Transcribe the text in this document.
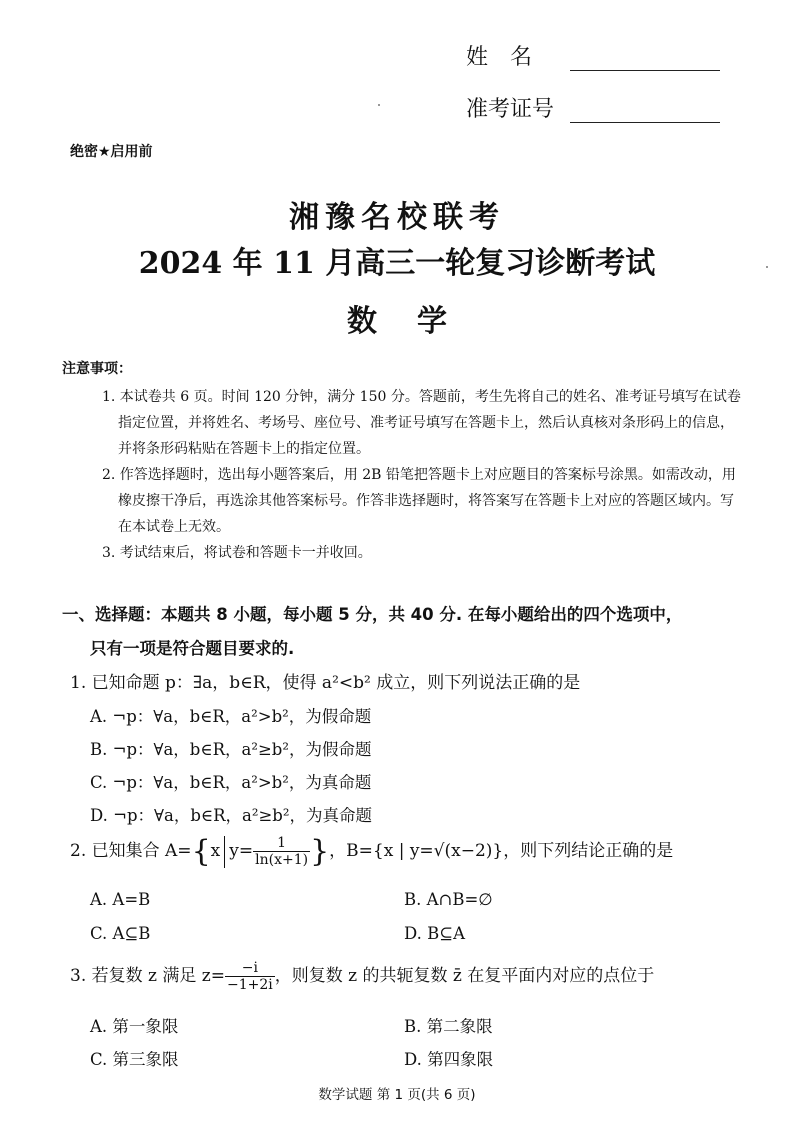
姓　名
准考证号
绝密★启用前
湘豫名校联考
2024 年 11 月高三一轮复习诊断考试
数学
注意事项：

1. 本试卷共 6 页。时间 120 分钟，满分 150 分。答题前，考生先将自己的姓名、准考证号填写在试卷指定位置，并将姓名、考场号、座位号、准考证号填写在答题卡上，然后认真核对条形码上的信息，并将条形码粘贴在答题卡上的指定位置。

2. 作答选择题时，选出每小题答案后，用 2B 铅笔把答题卡上对应题目的答案标号涂黑。如需改动，用橡皮擦干净后，再选涂其他答案标号。作答非选择题时，将答案写在答题卡上对应的答题区域内。写在本试卷上无效。

3. 考试结束后，将试卷和答题卡一并收回。

一、选择题：本题共 8 小题，每小题 5 分，共 40 分. 在每小题给出的四个选项中，
只有一项是符合题目要求的.
1. 已知命题 p：∃a，b∈R，使得 a²<b² 成立，则下列说法正确的是
A. ¬p：∀a，b∈R，a²>b²，为假命题
B. ¬p：∀a，b∈R，a²≥b²，为假命题
C. ¬p：∀a，b∈R，a²>b²，为真命题
D. ¬p：∀a，b∈R，a²≥b²，为真命题
2. 已知集合 A={x $y= \frac{1}{\ln(x+1)}$ }，B={x | y=√(x−2)}，则下列结论正确的是
A. A=B	B. A∩B=∅
C. A⊆B	D. B⊆A
3. 若复数 z 满足 $z= \frac{-i}{-1+2i}$ ，则复数 z 的共轭复数 z̄ 在复平面内对应的点位于
A. 第一象限	B. 第二象限
C. 第三象限	D. 第四象限
数学试题 第 1 页(共 6 页)
